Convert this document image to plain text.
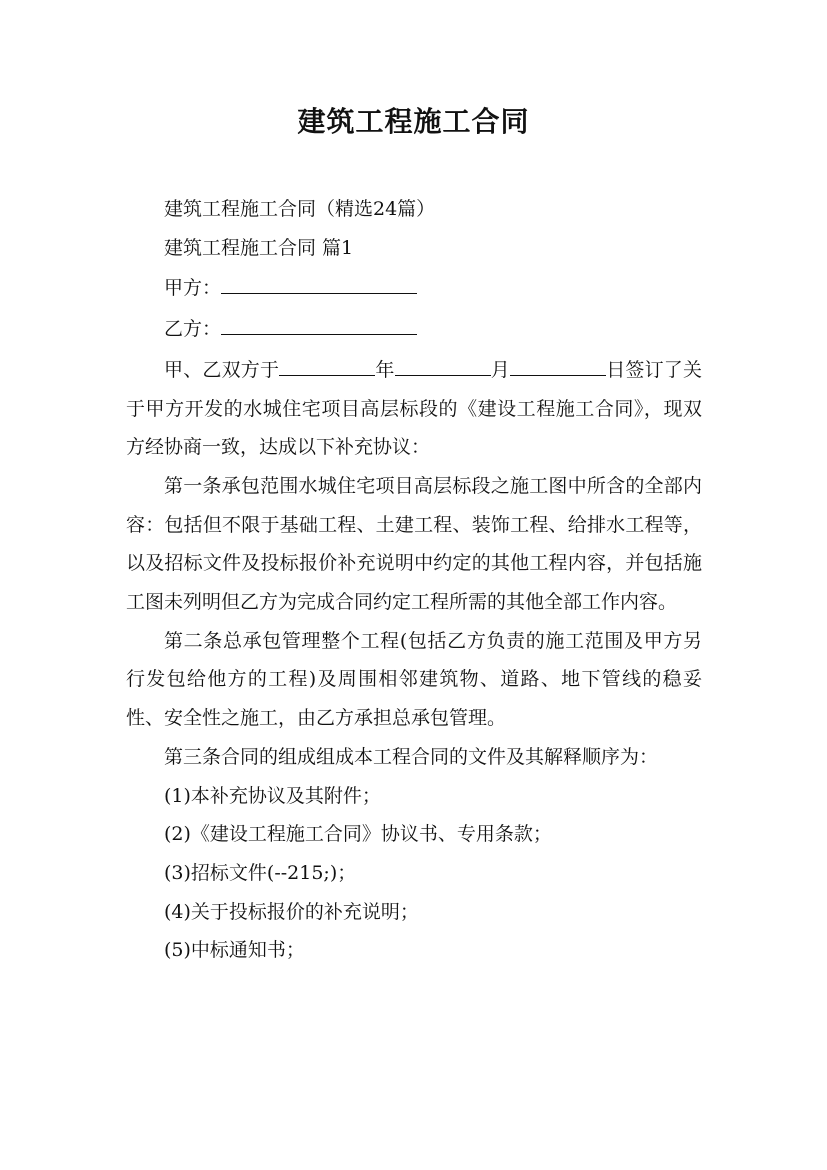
建筑工程施工合同

建筑工程施工合同（精选24篇）

建筑工程施工合同 篇1

甲方：

乙方：

甲、乙双方于	年	月	日签订了关于甲方开发的水城住宅项目高层标段的《建设工程施工合同》，现双方经协商一致，达成以下补充协议：

第一条承包范围水城住宅项目高层标段之施工图中所含的全部内容：包括但不限于基础工程、土建工程、装饰工程、给排水工程等，以及招标文件及投标报价补充说明中约定的其他工程内容，并包括施工图未列明但乙方为完成合同约定工程所需的其他全部工作内容。

第二条总承包管理整个工程(包括乙方负责的施工范围及甲方另行发包给他方的工程)及周围相邻建筑物、道路、地下管线的稳妥性、安全性之施工，由乙方承担总承包管理。

第三条合同的组成组成本工程合同的文件及其解释顺序为：

(1)本补充协议及其附件；

(2)《建设工程施工合同》协议书、专用条款；

(3)招标文件(--215;)；

(4)关于投标报价的补充说明；

(5)中标通知书；
